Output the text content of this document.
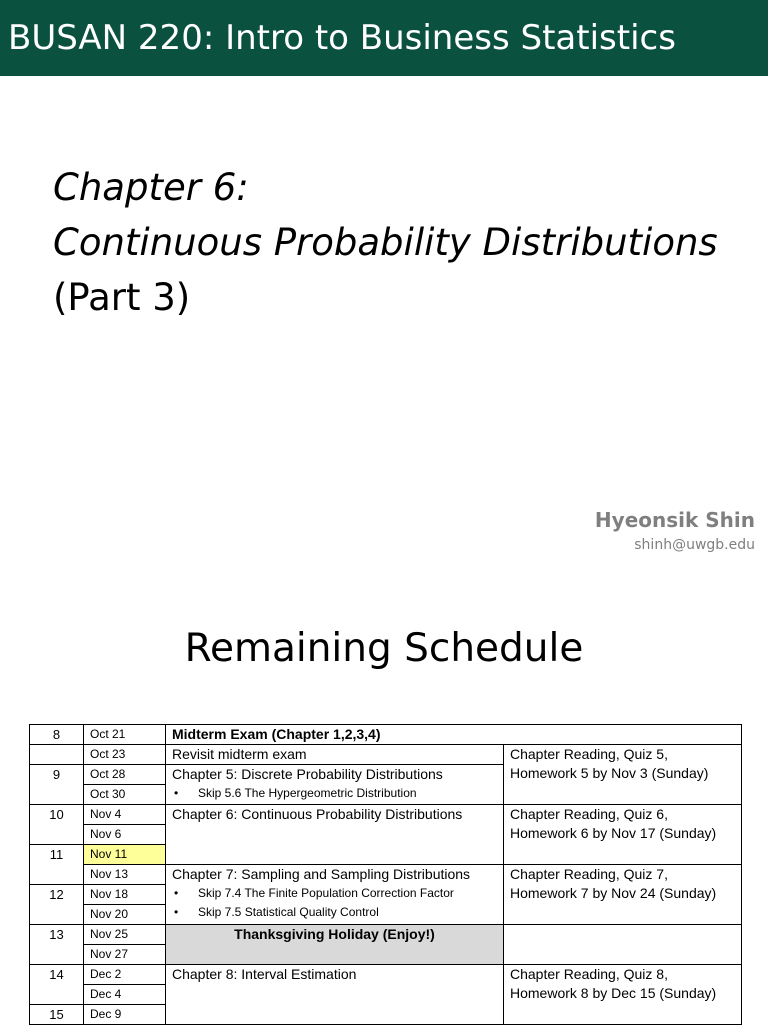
BUSAN 220: Intro to Business Statistics
Chapter 6:
Continuous Probability Distributions
(Part 3)
Hyeonsik Shin
shinh@uwgb.edu
Remaining Schedule
8	Oct 21	Midterm Exam (Chapter 1,2,3,4)	
	Oct 23	Revisit midterm exam	Chapter Reading, Quiz 5,
Homework 5 by Nov 3 (Sunday)

9	Oct 28	Chapter 5: Discrete Probability Distributions
• Skip 5.6 The Hypergeometric Distribution

	Oct 30		
10	Nov 4	Chapter 6: Continuous Probability Distributions	Chapter Reading, Quiz 6,
Homework 6 by Nov 17 (Sunday)

	Nov 6		
11	Nov 11		
	Nov 13	Chapter 7: Sampling and Sampling Distributions
• Skip 7.4 The Finite Population Correction Factor
• Skip 7.5 Statistical Quality Control	Chapter Reading, Quiz 7,
Homework 7 by Nov 24 (Sunday)

12	Nov 18		
	Nov 20		
13	Nov 25	Thanksgiving Holiday (Enjoy!)	
	Nov 27		
14	Dec 2	Chapter 8: Interval Estimation	Chapter Reading, Quiz 8,
Homework 8 by Dec 15 (Sunday)

	Dec 4		
15	Dec 9		
